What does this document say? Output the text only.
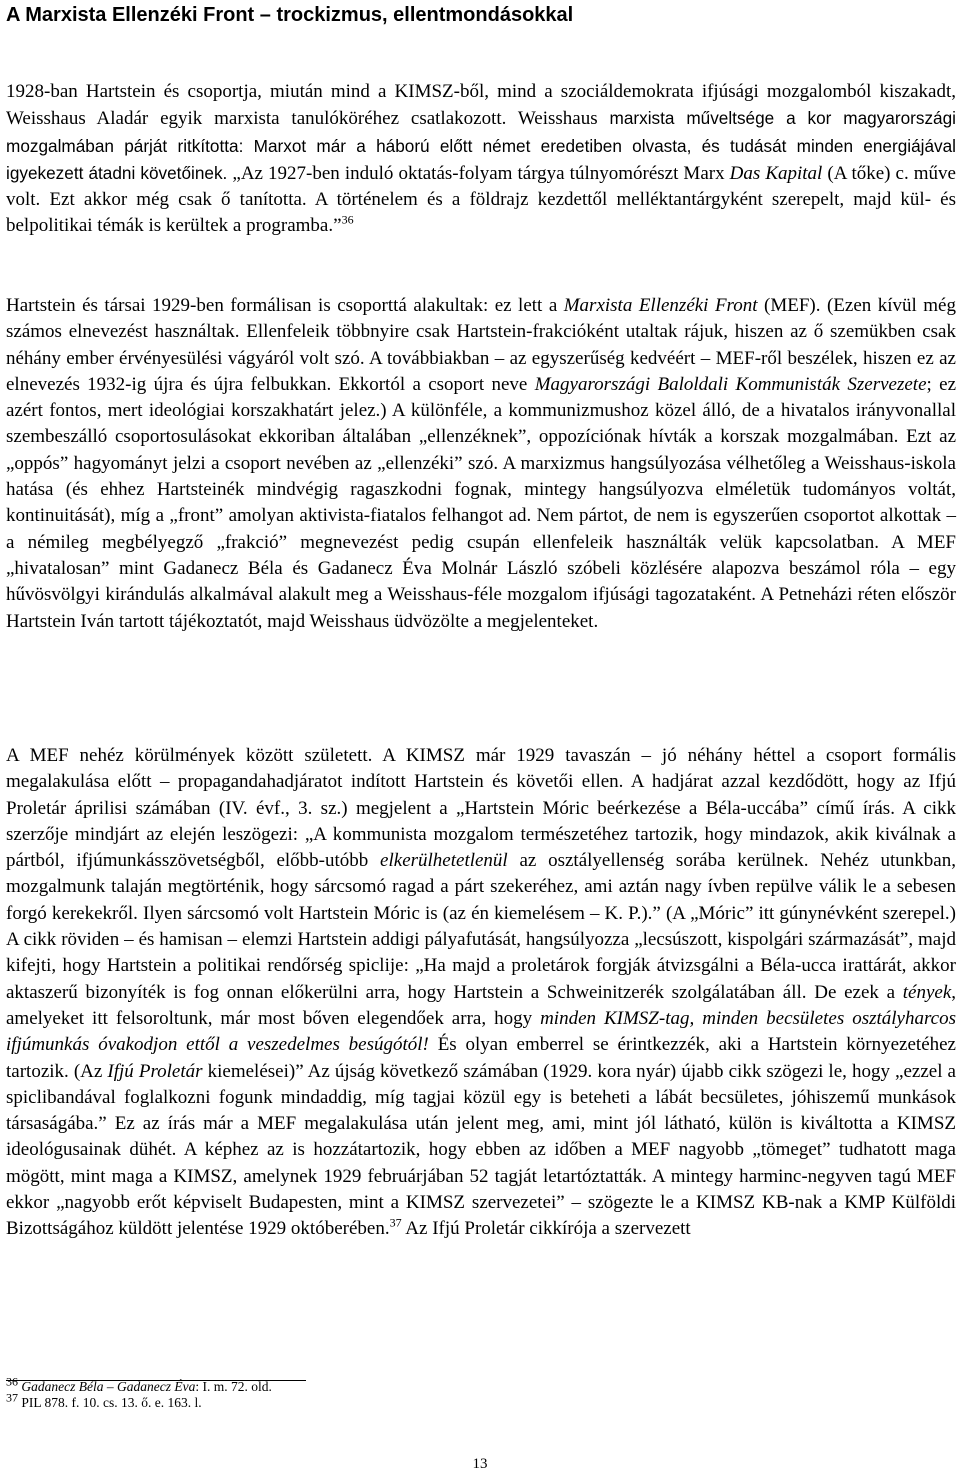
A Marxista Ellenzéki Front – trockizmus, ellentmondásokkal

1928-ban Hartstein és csoportja, miután mind a KIMSZ-ből, mind a szociáldemokrata ifjúsági mozgalomból kiszakadt, Weisshaus Aladár egyik marxista tanulóköréhez csatlakozott. Weisshaus marxista műveltsége a kor magyarországi mozgalmában párját ritkította: Marxot már a háború előtt német eredetiben olvasta, és tudását minden energiájával igyekezett átadni követőinek. „Az 1927-ben induló oktatás-folyam tárgya túlnyomórészt Marx Das Kapital (A tőke) c. műve volt. Ezt akkor még csak ő tanította. A történelem és a földrajz kezdettől melléktantárgyként szerepelt, majd kül- és belpolitikai témák is kerültek a programba.”$^{36}$

Hartstein és társai 1929-ben formálisan is csoporttá alakultak: ez lett a Marxista Ellenzéki Front (MEF). (Ezen kívül még számos elnevezést használtak. Ellenfeleik többnyire csak Hartstein-frakcióként utaltak rájuk, hiszen az ő szemükben csak néhány ember érvényesülési vágyáról volt szó. A továbbiakban – az egyszerűség kedvéért – MEF-ről beszélek, hiszen ez az elnevezés 1932-ig újra és újra felbukkan. Ekkortól a csoport neve Magyarországi Baloldali Kommunisták Szervezete; ez azért fontos, mert ideológiai korszakhatárt jelez.) A különféle, a kommunizmushoz közel álló, de a hivatalos irányvonallal szembeszálló csoportosulásokat ekkoriban általában „ellenzéknek”, oppozíciónak hívták a korszak mozgalmában. Ezt az „oppós” hagyományt jelzi a csoport nevében az „ellenzéki” szó. A marxizmus hangsúlyozása vélhetőleg a Weisshaus-iskola hatása (és ehhez Hartsteinék mindvégig ragaszkodni fognak, mintegy hangsúlyozva elméletük tudományos voltát, kontinuitását), míg a „front” amolyan aktivista-fiatalos felhangot ad. Nem pártot, de nem is egyszerűen csoportot alkottak – a némileg megbélyegző „frakció” megnevezést pedig csupán ellenfeleik használták velük kapcsolatban. A MEF „hivatalosan” mint Gadanecz Béla és Gadanecz Éva Molnár László szóbeli közlésére alapozva beszámol róla – egy hűvösvölgyi kirándulás alkalmával alakult meg a Weisshaus-féle mozgalom ifjúsági tagozataként. A Petneházi réten először Hartstein Iván tartott tájékoztatót, majd Weisshaus üdvözölte a megjelenteket.

A MEF nehéz körülmények között született. A KIMSZ már 1929 tavaszán – jó néhány héttel a csoport formális megalakulása előtt – propagandahadjáratot indított Hartstein és követői ellen. A hadjárat azzal kezdődött, hogy az Ifjú Proletár áprilisi számában (IV. évf., 3. sz.) megjelent a „Hartstein Móric beérkezése a Béla-uccába” című írás. A cikk szerzője mindjárt az elején leszögezi: „A kommunista mozgalom természetéhez tartozik, hogy mindazok, akik kiválnak a pártból, ifjúmunkásszövetségből, előbb-utóbb elkerülhetetlenül az osztályellenség sorába kerülnek. Nehéz utunkban, mozgalmunk talaján megtörténik, hogy sárcsomó ragad a párt szekeréhez, ami aztán nagy ívben repülve válik le a sebesen forgó kerekekről. Ilyen sárcsomó volt Hartstein Móric is (az én kiemelésem – K. P.).” (A „Móric” itt gúnynévként szerepel.) A cikk röviden – és hamisan – elemzi Hartstein addigi pályafutását, hangsúlyozza „lecsúszott, kispolgári származását”, majd kifejti, hogy Hartstein a politikai rendőrség spiclije: „Ha majd a proletárok forgják átvizsgálni a Béla-ucca irattárát, akkor aktaszerű bizonyíték is fog onnan előkerülni arra, hogy Hartstein a Schweinitzerék szolgálatában áll. De ezek a tények, amelyeket itt felsoroltunk, már most bőven elegendőek arra, hogy minden KIMSZ-tag, minden becsületes osztályharcos ifjúmunkás óvakodjon ettől a veszedelmes besúgótól! És olyan emberrel se érintkezzék, aki a Hartstein környezetéhez tartozik. (Az Ifjú Proletár kiemelései)” Az újság következő számában (1929. kora nyár) újabb cikk szögezi le, hogy „ezzel a spiclibandával foglalkozni fogunk mindaddig, míg tagjai közül egy is beteheti a lábát becsületes, jóhiszemű munkások társaságába.” Ez az írás már a MEF megalakulása után jelent meg, ami, mint jól látható, külön is kiváltotta a KIMSZ ideológusainak dühét. A képhez az is hozzátartozik, hogy ebben az időben a MEF nagyobb „tömeget” tudhatott maga mögött, mint maga a KIMSZ, amelynek 1929 februárjában 52 tagját letartóztatták. A mintegy harminc-negyven tagú MEF ekkor „nagyobb erőt képviselt Budapesten, mint a KIMSZ szervezetei” – szögezte le a KIMSZ KB-nak a KMP Külföldi Bizottságához küldött jelentése 1929 októberében.$^{37}$ Az Ifjú Proletár cikkírója a szervezett

36 Gadanecz Béla – Gadanecz Éva: I. m. 72. old.

37 PIL 878. f. 10. cs. 13. ő. e. 163. l.

13
